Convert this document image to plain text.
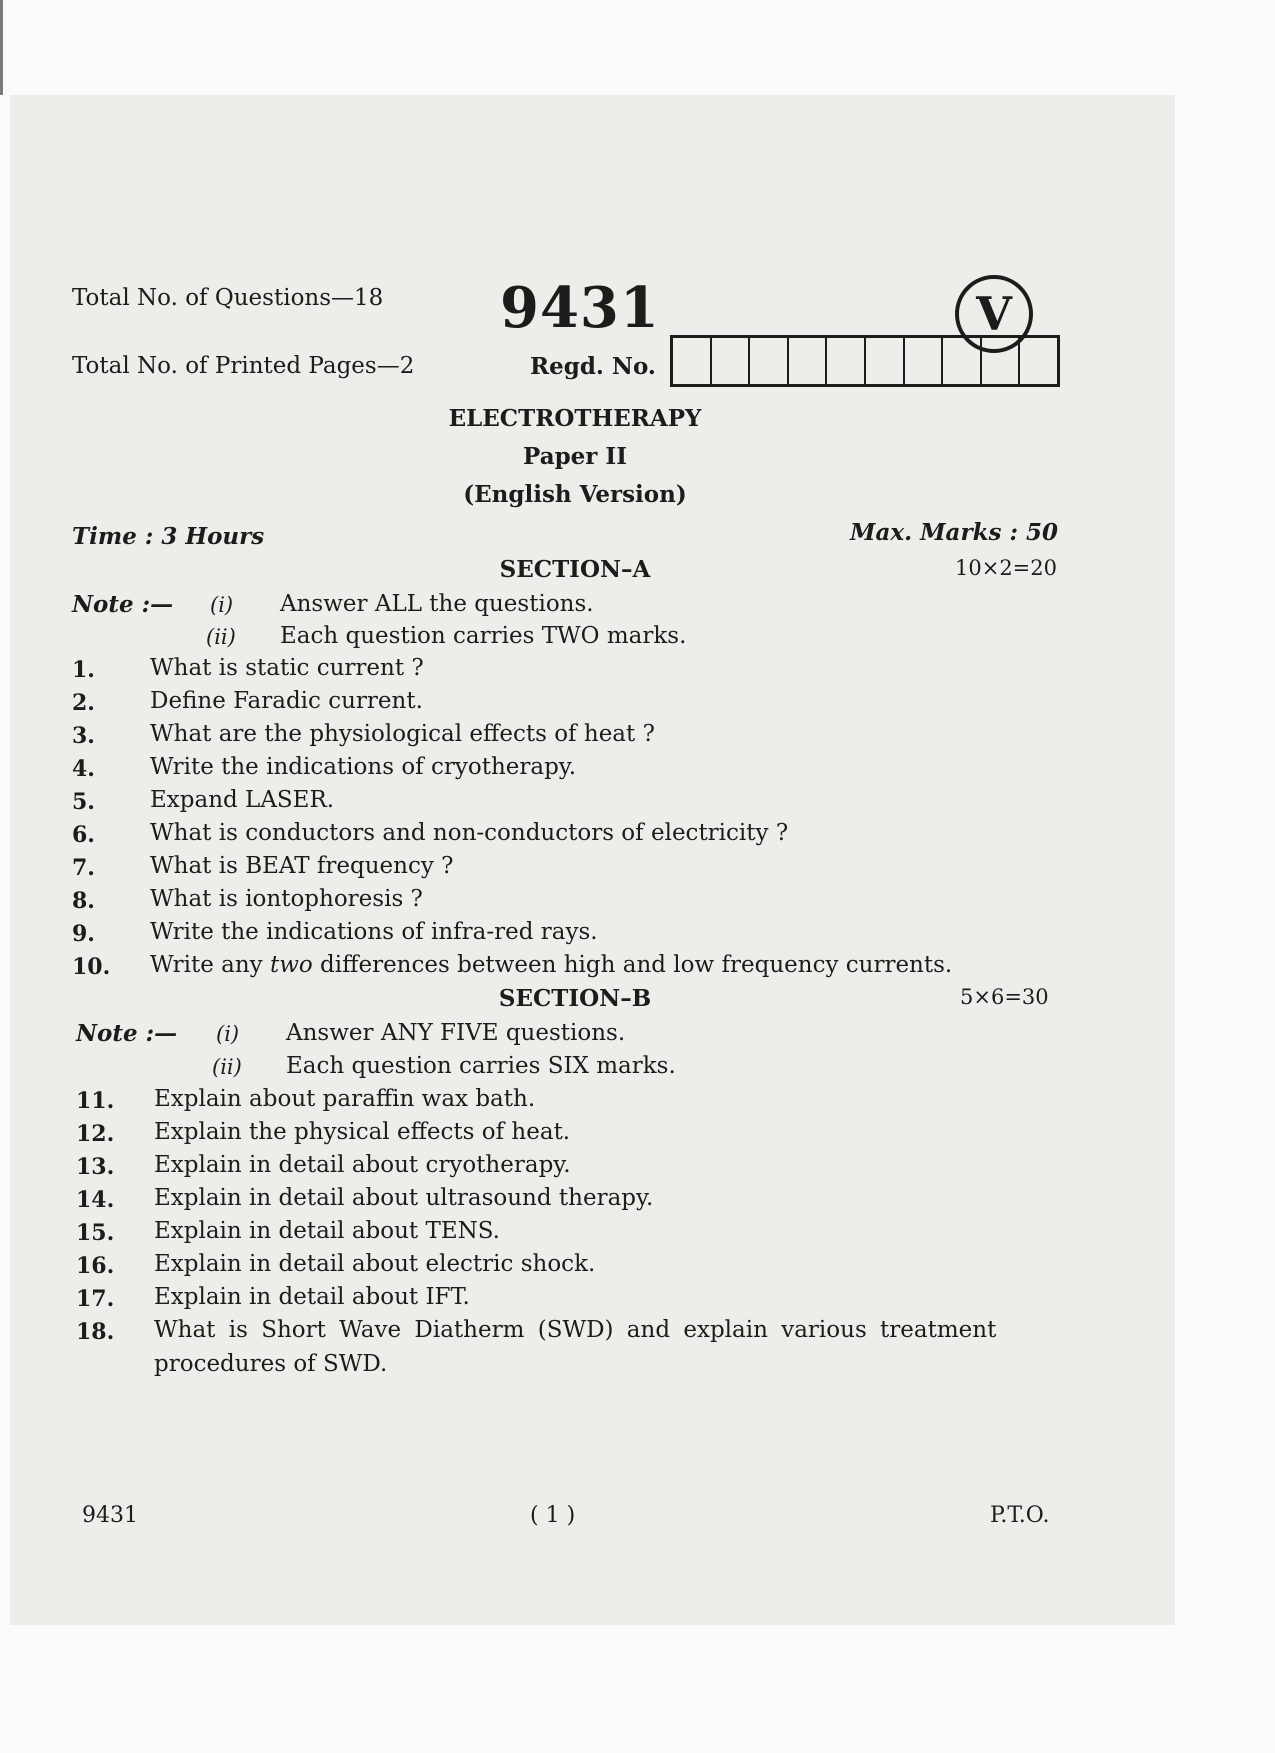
9431	V
Total No. of Questions—18
Total No. of Printed Pages—2	Regd. No.
ELECTROTHERAPY
Paper II
(English Version)
Time : 3 Hours	Max. Marks : 50
SECTION–A	10×2=20
Note :— (i) Answer ALL the questions.
(ii) Each question carries TWO marks.
1. What is static current ?
2. Define Faradic current.
3. What are the physiological effects of heat ?
4. Write the indications of cryotherapy.
5. Expand LASER.
6. What is conductors and non-conductors of electricity ?
7. What is BEAT frequency ?
8. What is iontophoresis ?
9. Write the indications of infra-red rays.
10. Write any two differences between high and low frequency currents.
SECTION–B	5×6=30
Note :— (i) Answer ANY FIVE questions.
(ii) Each question carries SIX marks.
11. Explain about paraffin wax bath.
12. Explain the physical effects of heat.
13. Explain in detail about cryotherapy.
14. Explain in detail about ultrasound therapy.
15. Explain in detail about TENS.
16. Explain in detail about electric shock.
17. Explain in detail about IFT.
18. What is Short Wave Diatherm (SWD) and explain various treatment
procedures of SWD.
9431	( 1 )	P.T.O.
